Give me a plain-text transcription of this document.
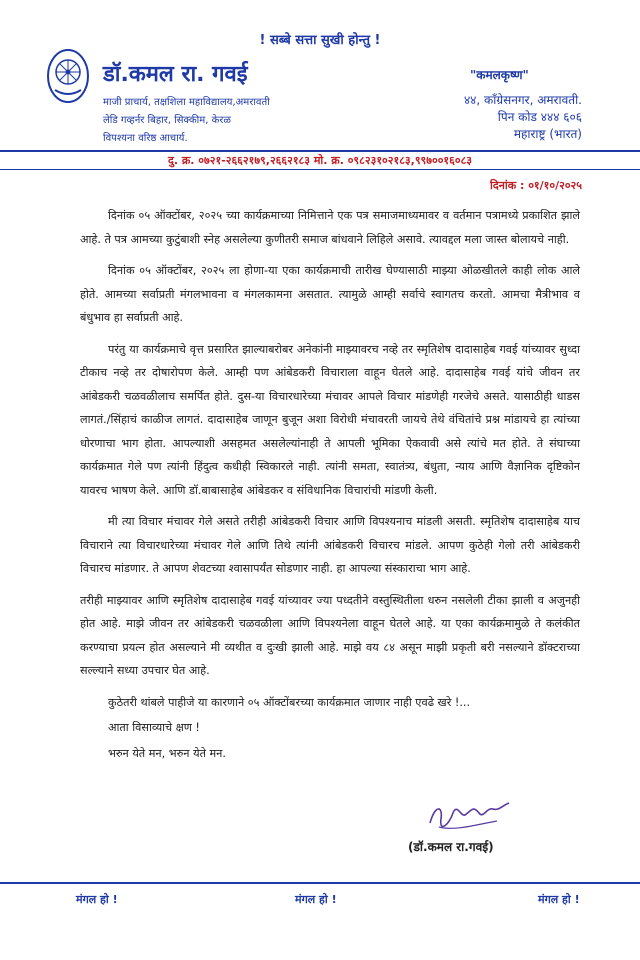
! सब्बे सत्ता सुखी होन्तु !
डॉ.कमल रा. गवई
माजी प्राचार्य, तक्षशिला महाविद्यालय,अमरावती
लेडि गव्हर्नर बिहार, सिक्कीम, केरळ
विपश्यना वरिष्ठ आचार्य.
"कमलकृष्ण"
४४, काँग्रेसनगर, अमरावती.
पिन कोड ४४४ ६०६
महाराष्ट्र (भारत)
दु. क्र. ०७२१-२६६२१७९,२६६२१८३ मो. क्र. ०९८२३१०२१८३,९९७००१६०८३
दिनांक : ०१/१०/२०२५

दिनांक ०५ ऑक्टोंबर, २०२५ च्या कार्यक्रमाच्या निमित्ताने एक पत्र समाजमाध्यमावर व वर्तमान पत्रामध्ये प्रकाशित झाले आहे. ते पत्र आमच्या कुटुंबाशी स्नेह असलेल्या कुणीतरी समाज बांधवाने लिहिले असावे. त्यावद्दल मला जास्त बोलायचे नाही.

दिनांक ०५ ऑक्टोंबर, २०२५ ला होणा-या एका कार्यक्रमाची तारीख घेण्यासाठी माझ्या ओळखीतले काही लोक आले होते. आमच्या सर्वाप्रती मंगलभावना व मंगलकामना असतात. त्यामुळे आम्ही सर्वाचे स्वागतच करतो. आमचा मैत्रीभाव व बंधुभाव हा सर्वाप्रती आहे.

परंतु या कार्यक्रमाचे वृत्त प्रसारित झाल्याबरोबर अनेकांनी माझ्यावरच नव्हे तर स्मृतिशेष दादासाहेब गवई यांच्यावर सुध्दा टीकाच नव्हे तर दोषारोपण केले. आम्ही पण आंबेडकरी विचाराला वाहून घेतले आहे. दादासाहेब गवई यांचे जीवन तर आंबेडकरी चळवळीलाच समर्पित होते. दुस-या विचारधारेच्या मंचावर आपले विचार मांडणेही गरजेचे असते. यासाठीही धाडस लागतं./सिंहाचं काळीज लागतं. दादासाहेब जाणून बुजून अशा विरोधी मंचावरती जायचे तेथे वंचितांचे प्रश्न मांडायचे हा त्यांच्या धोरणाचा भाग होता. आपल्याशी असहमत असलेल्यांनाही ते आपली भूमिका ऐकवावी असे त्यांचे मत होते. ते संघाच्या कार्यक्रमात गेले पण त्यांनी हिंदुत्व कधीही स्विकारले नाही. त्यांनी समता, स्वातंत्र्य, बंधुता, न्याय आणि वैज्ञानिक दृष्टिकोन यावरच भाषण केले. आणि डॉ.बाबासाहेब आंबेडकर व संविधानिक विचारांची मांडणी केली.

मी त्या विचार मंचावर गेले असते तरीही आंबेडकरी विचार आणि विपश्यनाच मांडली असती. स्मृतिशेष दादासाहेब याच विचाराने त्या विचारधारेच्या मंचावर गेले आणि तिथे त्यांनी आंबेडकरी विचारच मांडले. आपण कुठेही गेलो तरी आंबेडकरी विचारच मांडणार. ते आपण शेवटच्या श्वासापर्यंत सोडणार नाही. हा आपल्या संस्काराचा भाग आहे.

तरीही माझ्यावर आणि स्मृतिशेष दादासाहेब गवई यांच्यावर ज्या पध्दतीने वस्तुस्थितीला धरुन नसलेली टीका झाली व अजुनही होत आहे. माझे जीवन तर आंबेडकरी चळवळीला आणि विपश्यनेला वाहून घेतले आहे. या एका कार्यक्रमामुळे ते कलंकीत करण्याचा प्रयत्न होत असल्याने मी व्यथीत व दुःखी झाली आहे. माझे वय ८४ असून माझी प्रकृती बरी नसल्याने डॉक्टराच्या सल्ल्याने सध्या उपचार घेत आहे.

कुठेतरी थांबले पाहीजे या कारणाने ०५ ऑक्टोंबरच्या कार्यक्रमात जाणार नाही एवढे खरे !...

आता विसाव्याचे क्षण !

भरुन येते मन, भरुन येते मन.

(डॉ.कमल रा.गवई)
मंगल हो !	मंगल हो !	मंगल हो !
